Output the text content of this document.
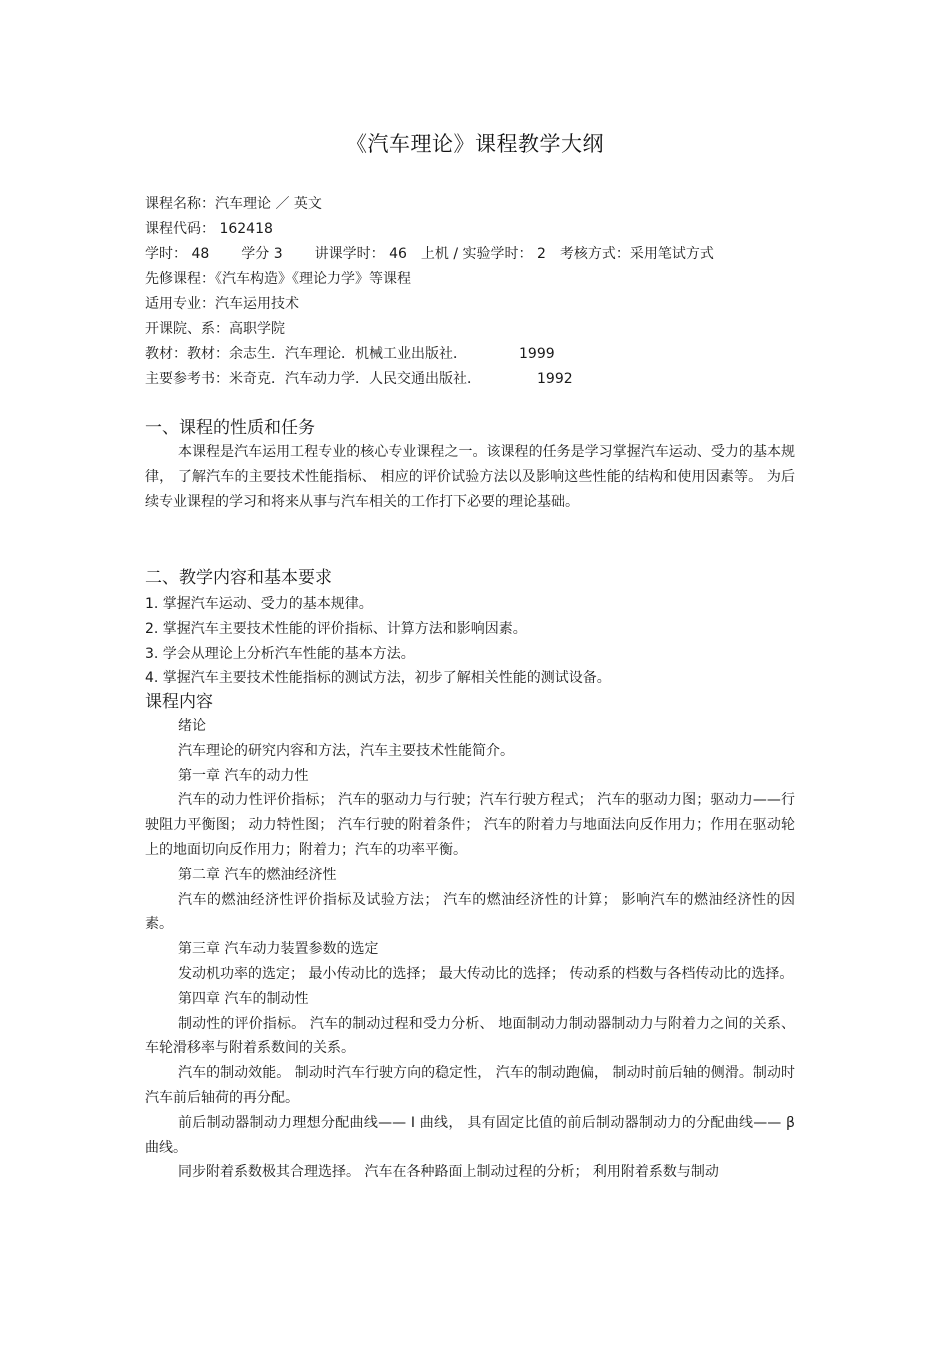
《汽车理论》课程教学大纲
课程名称：汽车理论 ／ 英文
课程代码： 162418
学时： 48 学分 3 讲课学时： 46 上机 / 实验学时： 2 考核方式：采用笔试方式
先修课程：《汽车构造》《理论力学》等课程
适用专业：汽车运用技术
开课院、系：高职学院
教材：教材：余志生．汽车理论．机械工业出版社．	1999
主要参考书：米奇克．汽车动力学．人民交通出版社．	1992
一、课程的性质和任务
本课程是汽车运用工程专业的核心专业课程之一。该课程的任务是学习掌握汽车运动、受力的基本规律， 了解汽车的主要技术性能指标、 相应的评价试验方法以及影响这些性能的结构和使用因素等。 为后续专业课程的学习和将来从事与汽车相关的工作打下必要的理论基础。
二、教学内容和基本要求
1. 掌握汽车运动、受力的基本规律。
2. 掌握汽车主要技术性能的评价指标、计算方法和影响因素。
3. 学会从理论上分析汽车性能的基本方法。
4. 掌握汽车主要技术性能指标的测试方法，初步了解相关性能的测试设备。
课程内容
绪论
汽车理论的研究内容和方法，汽车主要技术性能简介。
第一章 汽车的动力性
汽车的动力性评价指标； 汽车的驱动力与行驶；汽车行驶方程式； 汽车的驱动力图；驱动力——行驶阻力平衡图； 动力特性图； 汽车行驶的附着条件； 汽车的附着力与地面法向反作用力；作用在驱动轮上的地面切向反作用力；附着力；汽车的功率平衡。
第二章 汽车的燃油经济性
汽车的燃油经济性评价指标及试验方法； 汽车的燃油经济性的计算； 影响汽车的燃油经济性的因素。
第三章 汽车动力装置参数的选定
发动机功率的选定； 最小传动比的选择； 最大传动比的选择； 传动系的档数与各档传动比的选择。
第四章 汽车的制动性
制动性的评价指标。 汽车的制动过程和受力分析、 地面制动力制动器制动力与附着力之间的关系、车轮滑移率与附着系数间的关系。
汽车的制动效能。 制动时汽车行驶方向的稳定性， 汽车的制动跑偏， 制动时前后轴的侧滑。制动时汽车前后轴荷的再分配。
前后制动器制动力理想分配曲线—— I 曲线， 具有固定比值的前后制动器制动力的分配曲线—— β 曲线。
同步附着系数极其合理选择。 汽车在各种路面上制动过程的分析； 利用附着系数与制动
